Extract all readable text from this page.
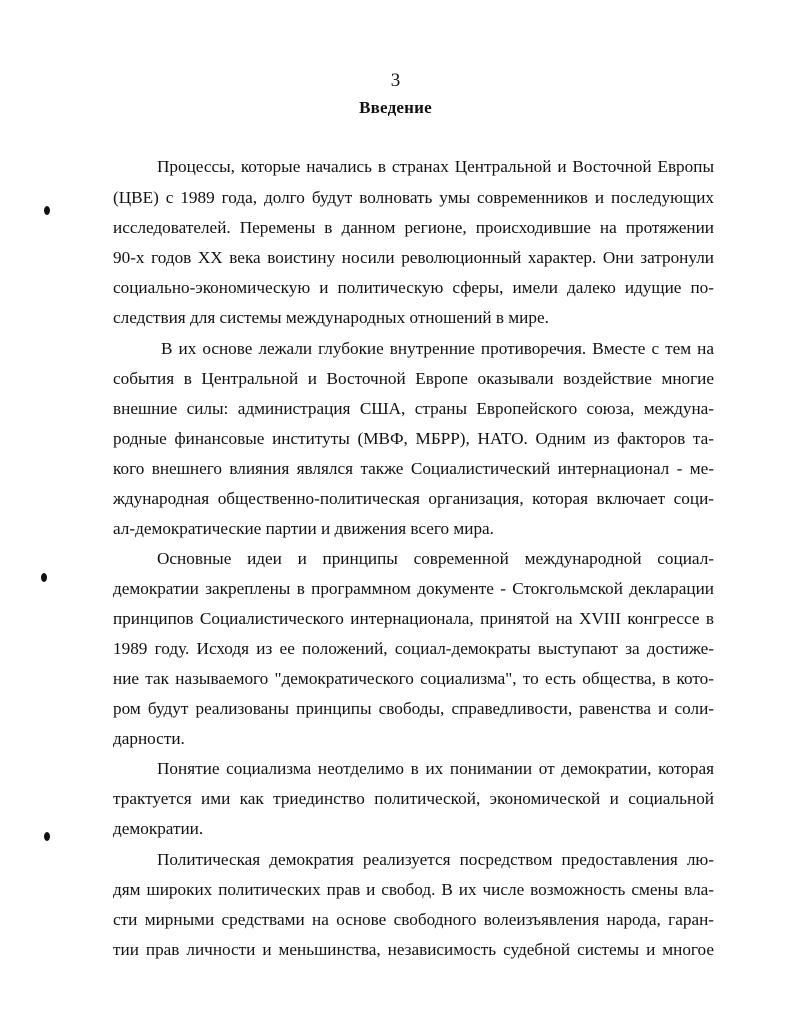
3
Введение
Процессы, которые начались в странах Центральной и Восточной Европы
(ЦВЕ) с 1989 года, долго будут волновать умы современников и последующих
исследователей. Перемены в данном регионе, происходившие на протяжении
90-х годов XX века воистину носили революционный характер. Они затронули
социально-экономическую и политическую сферы, имели далеко идущие по-
следствия для системы международных отношений в мире.
В их основе лежали глубокие внутренние противоречия. Вместе с тем на
события в Центральной и Восточной Европе оказывали воздействие многие
внешние силы: администрация США, страны Европейского союза, междуна-
родные финансовые институты (МВФ, МБРР), НАТО. Одним из факторов та-
кого внешнего влияния являлся также Социалистический интернационал - ме-
ждународная общественно-политическая организация, которая включает соци-
ал-демократические партии и движения всего мира.
Основные идеи и принципы современной международной социал-
демократии закреплены в программном документе - Стокгольмской декларации
принципов Социалистического интернационала, принятой на XVIII конгрессе в
1989 году. Исходя из ее положений, социал-демократы выступают за достиже-
ние так называемого "демократического социализма", то есть общества, в кото-
ром будут реализованы принципы свободы, справедливости, равенства и соли-
дарности.
Понятие социализма неотделимо в их понимании от демократии, которая
трактуется ими как триединство политической, экономической и социальной
демократии.
Политическая демократия реализуется посредством предоставления лю-
дям широких политических прав и свобод. В их числе возможность смены вла-
сти мирными средствами на основе свободного волеизъявления народа, гаран-
тии прав личности и меньшинства, независимость судебной системы и многое
